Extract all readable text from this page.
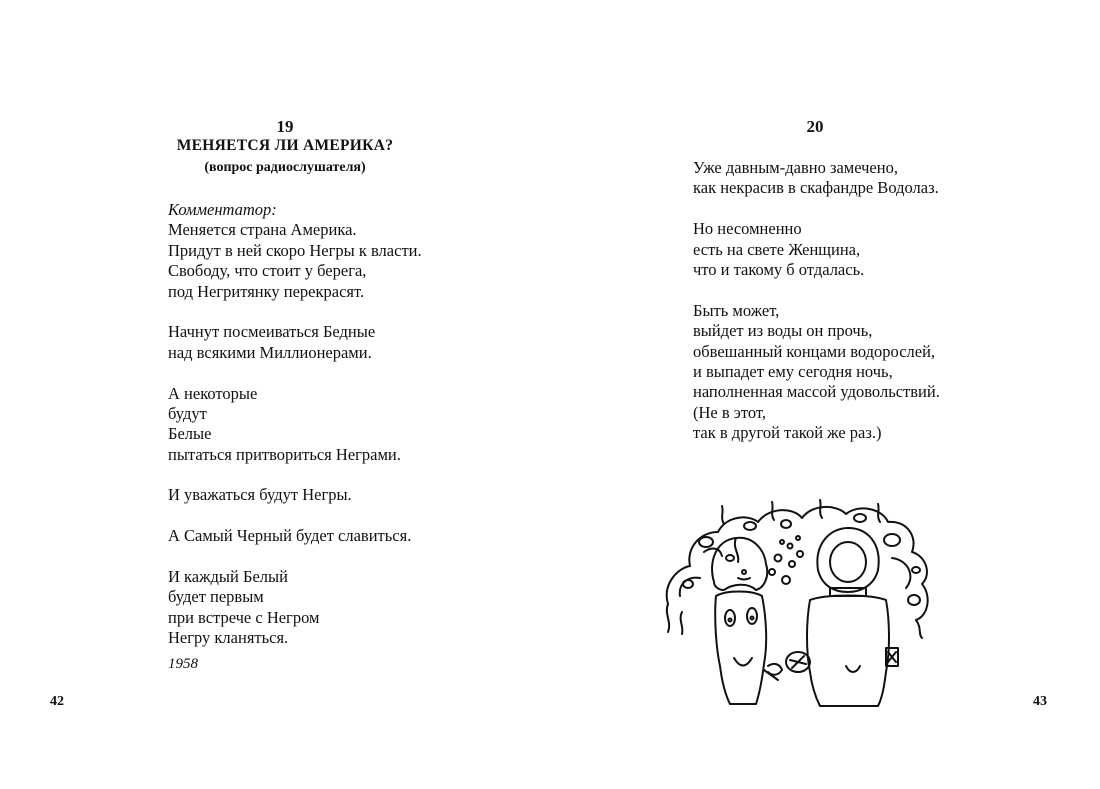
19
МЕНЯЕТСЯ ЛИ АМЕРИКА?
(вопрос радиослушателя)
Комментатор:
Меняется страна Америка.
Придут в ней скоро Негры к власти.
Свободу, что стоит у берега,
под Негритянку перекрасят.
Начнут посмеиваться Бедные
над всякими Миллионерами.
А некоторые
будут
Белые
пытаться притвориться Неграми.
И уважаться будут Негры.
А Самый Черный будет славиться.
И каждый Белый
будет первым
при встрече с Негром
Негру кланяться.
1958
42
20
Уже давным-давно замечено,
как некрасив в скафандре Водолаз.
Но несомненно
есть на свете Женщина,
что и такому б отдалась.
Быть может,
выйдет из воды он прочь,
обвешанный концами водорослей,
и выпадет ему сегодня ночь,
наполненная массой удовольствий.
(Не в этот,
так в другой такой же раз.)
43
